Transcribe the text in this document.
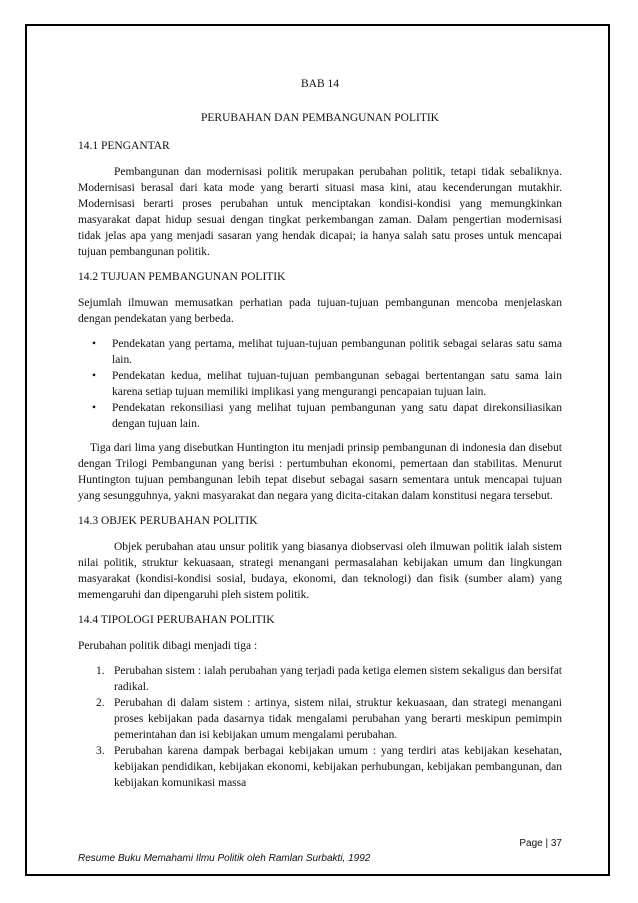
BAB 14
PERUBAHAN DAN PEMBANGUNAN POLITIK
14.1 PENGANTAR

Pembangunan dan modernisasi politik merupakan perubahan politik, tetapi tidak sebaliknya. Modernisasi berasal dari kata mode yang berarti situasi masa kini, atau kecenderungan mutakhir. Modernisasi berarti proses perubahan untuk menciptakan kondisi-kondisi yang memungkinkan masyarakat dapat hidup sesuai dengan tingkat perkembangan zaman. Dalam pengertian modernisasi tidak jelas apa yang menjadi sasaran yang hendak dicapai; ia hanya salah satu proses untuk mencapai tujuan pembangunan politik.

14.2 TUJUAN PEMBANGUNAN POLITIK

Sejumlah ilmuwan memusatkan perhatian pada tujuan-tujuan pembangunan mencoba menjelaskan dengan pendekatan yang berbeda.

• Pendekatan yang pertama, melihat tujuan-tujuan pembangunan politik sebagai selaras satu sama lain.
• Pendekatan kedua, melihat tujuan-tujuan pembangunan sebagai bertentangan satu sama lain karena setiap tujuan memiliki implikasi yang mengurangi pencapaian tujuan lain.
• Pendekatan rekonsiliasi yang melihat tujuan pembangunan yang satu dapat direkonsiliasikan dengan tujuan lain.

Tiga dari lima yang disebutkan Huntington itu menjadi prinsip pembangunan di indonesia dan disebut dengan Trilogi Pembangunan yang berisi : pertumbuhan ekonomi, pemertaan dan stabilitas. Menurut Huntington tujuan pembangunan lebih tepat disebut sebagai sasarn sementara untuk mencapai tujuan yang sesungguhnya, yakni masyarakat dan negara yang dicita-citakan dalam konstitusi negara tersebut.

14.3 OBJEK PERUBAHAN POLITIK

Objek perubahan atau unsur politik yang biasanya diobservasi oleh ilmuwan politik ialah sistem nilai politik, struktur kekuasaan, strategi menangani permasalahan kebijakan umum dan lingkungan masyarakat (kondisi-kondisi sosial, budaya, ekonomi, dan teknologi) dan fisik (sumber alam) yang memengaruhi dan dipengaruhi pleh sistem politik.

14.4 TIPOLOGI PERUBAHAN POLITIK

Perubahan politik dibagi menjadi tiga :

1. Perubahan sistem : ialah perubahan yang terjadi pada ketiga elemen sistem sekaligus dan bersifat radikal.
2. Perubahan di dalam sistem : artinya, sistem nilai, struktur kekuasaan, dan strategi menangani proses kebijakan pada dasarnya tidak mengalami perubahan yang berarti meskipun pemimpin pemerintahan dan isi kebijakan umum mengalami perubahan.
3. Perubahan karena dampak berbagai kebijakan umum : yang terdiri atas kebijakan kesehatan, kebijakan pendidikan, kebijakan ekonomi, kebijakan perhubungan, kebijakan pembangunan, dan kebijakan komunikasi massa
Page | 37
Resume Buku Memahami Ilmu Politik oleh Ramlan Surbakti, 1992
